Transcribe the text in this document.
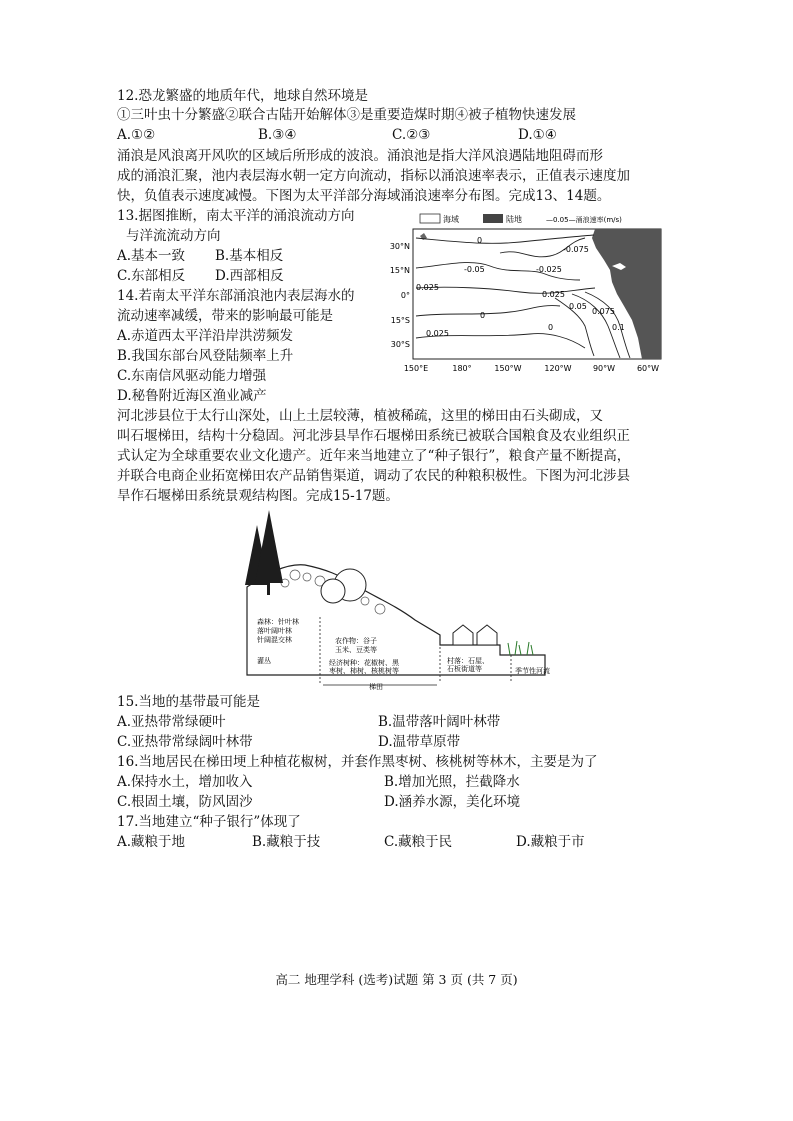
12.恐龙繁盛的地质年代，地球自然环境是
①三叶虫十分繁盛②联合古陆开始解体③是重要造煤时期④被子植物快速发展
A.①②	B.③④	C.②③	D.①④
涌浪是风浪离开风吹的区域后所形成的波浪。涌浪池是指大洋风浪遇陆地阻碍而形
成的涌浪汇聚，池内表层海水朝一定方向流动，指标以涌浪速率表示，正值表示速度加
快，负值表示速度减慢。下图为太平洋部分海域涌浪速率分布图。完成13、14题。
13.据图推断，南太平洋的涌浪流动方向
与洋流流动方向
A.基本一致 B.基本相反
C.东部相反 D.西部相反
14.若南太平洋东部涌浪池内表层海水的
流动速率减缓，带来的影响最可能是
A.赤道西太平洋沿岸洪涝频发
B.我国东部台风登陆频率上升
C.东南信风驱动能力增强
D.秘鲁附近海区渔业减产
海域	陆地	—0.05—涌浪速率(m/s)
0
-0.075
-0.05	-0.025
0.025
0
0.025
0.05
0.075
0.1
0.025
0
30°N
15°N
0°
15°S
30°S
150°E	180°	150°W	120°W	90°W	60°W
河北涉县位于太行山深处，山上土层较薄，植被稀疏，这里的梯田由石头砌成，又
叫石堰梯田，结构十分稳固。河北涉县旱作石堰梯田系统已被联合国粮食及农业组织正
式认定为全球重要农业文化遗产。近年来当地建立了“种子银行”，粮食产量不断提高，
并联合电商企业拓宽梯田农产品销售渠道，调动了农民的种粮积极性。下图为河北涉县
旱作石堰梯田系统景观结构图。完成15-17题。
梯田
森林：针叶林
落叶阔叶林
针阔混交林
灌丛
农作物：谷子
玉米、豆类等
经济树种：花椒树、黑
枣树、柿树、核桃树等
村落：石屋、
石板街道等	季节性河流
15.当地的基带最可能是
A.亚热带常绿硬叶	B.温带落叶阔叶林带
C.亚热带常绿阔叶林带	D.温带草原带
16.当地居民在梯田埂上种植花椒树，并套作黑枣树、核桃树等林木，主要是为了
A.保持水土，增加收入	B.增加光照，拦截降水
C.根固土壤，防风固沙	D.涵养水源，美化环境
17.当地建立“种子银行”体现了
A.藏粮于地	B.藏粮于技	C.藏粮于民	D.藏粮于市
高二 地理学科 (选考)试题 第 3 页 (共 7 页)
